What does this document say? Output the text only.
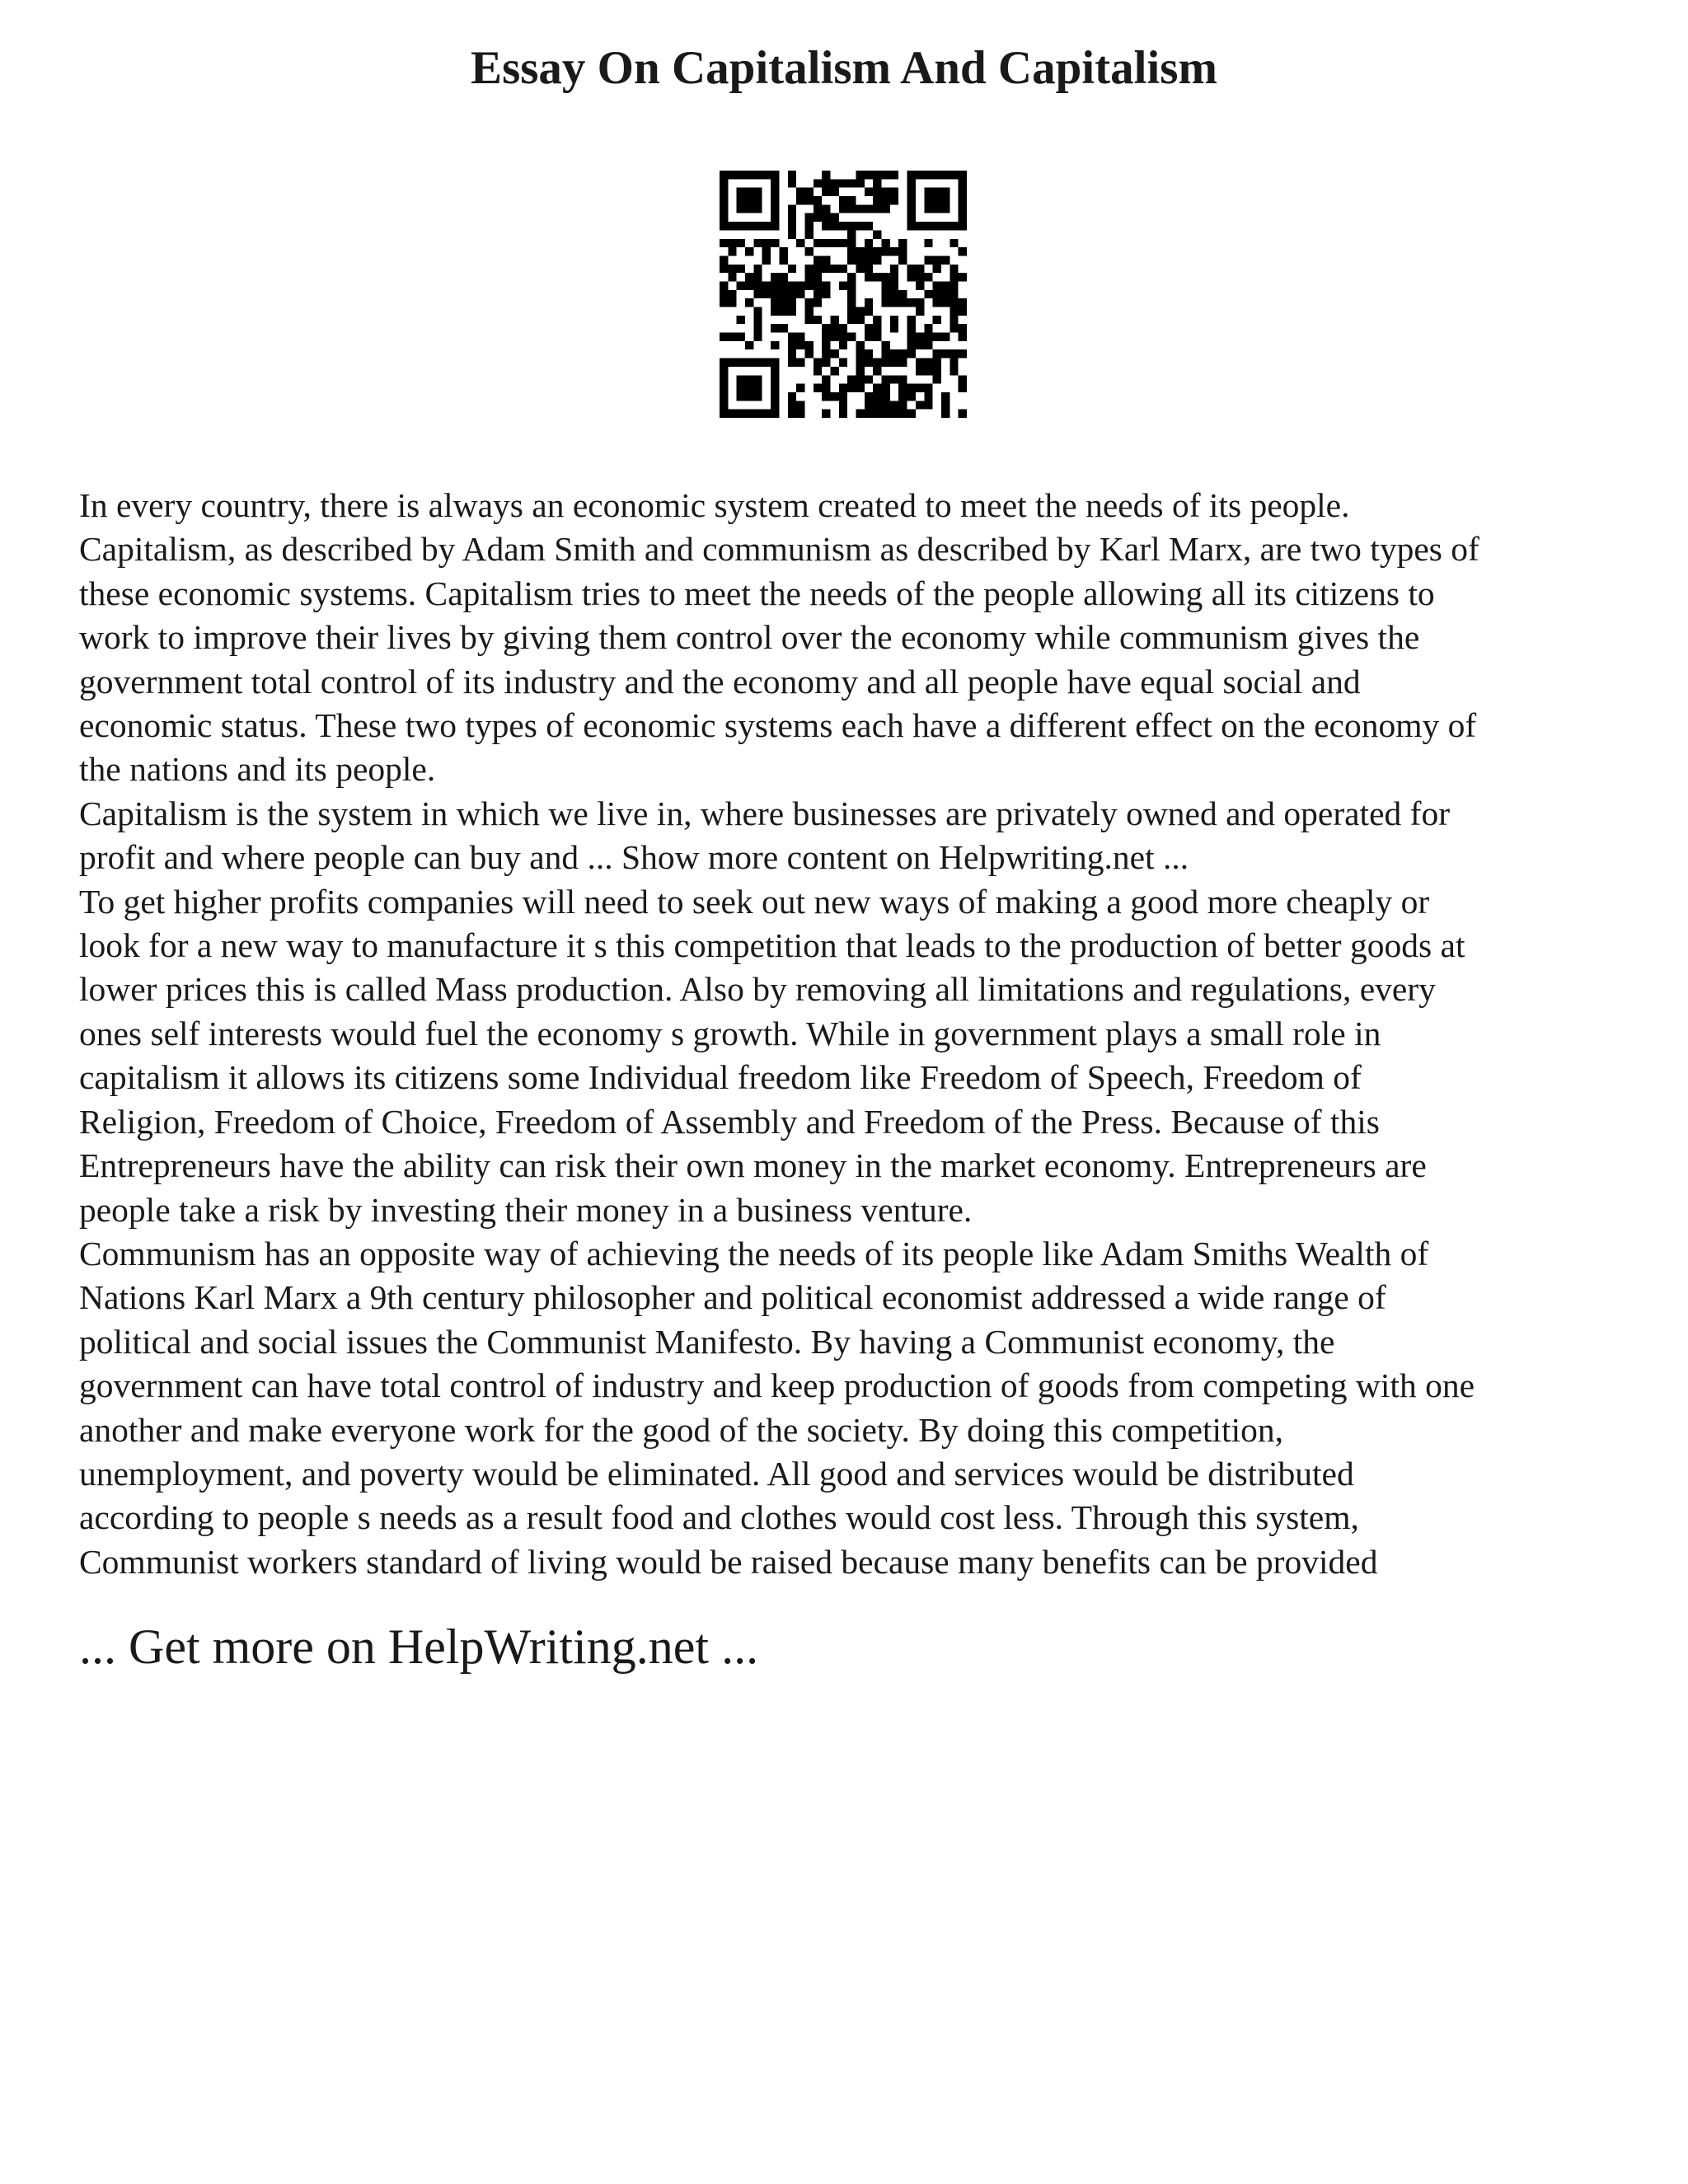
Essay On Capitalism And Capitalism

In every country, there is always an economic system created to meet the needs of its people.

Capitalism, as described by Adam Smith and communism as described by Karl Marx, are two types of

these economic systems. Capitalism tries to meet the needs of the people allowing all its citizens to

work to improve their lives by giving them control over the economy while communism gives the

government total control of its industry and the economy and all people have equal social and

economic status. These two types of economic systems each have a different effect on the economy of

the nations and its people.

Capitalism is the system in which we live in, where businesses are privately owned and operated for

profit and where people can buy and ... Show more content on Helpwriting.net ...

To get higher profits companies will need to seek out new ways of making a good more cheaply or

look for a new way to manufacture it s this competition that leads to the production of better goods at

lower prices this is called Mass production. Also by removing all limitations and regulations, every

ones self interests would fuel the economy s growth. While in government plays a small role in

capitalism it allows its citizens some Individual freedom like Freedom of Speech, Freedom of

Religion, Freedom of Choice, Freedom of Assembly and Freedom of the Press. Because of this

Entrepreneurs have the ability can risk their own money in the market economy. Entrepreneurs are

people take a risk by investing their money in a business venture.

Communism has an opposite way of achieving the needs of its people like Adam Smiths Wealth of

Nations Karl Marx a 9th century philosopher and political economist addressed a wide range of

political and social issues the Communist Manifesto. By having a Communist economy, the

government can have total control of industry and keep production of goods from competing with one

another and make everyone work for the good of the society. By doing this competition,

unemployment, and poverty would be eliminated. All good and services would be distributed

according to people s needs as a result food and clothes would cost less. Through this system,

Communist workers standard of living would be raised because many benefits can be provided

... Get more on HelpWriting.net ...
